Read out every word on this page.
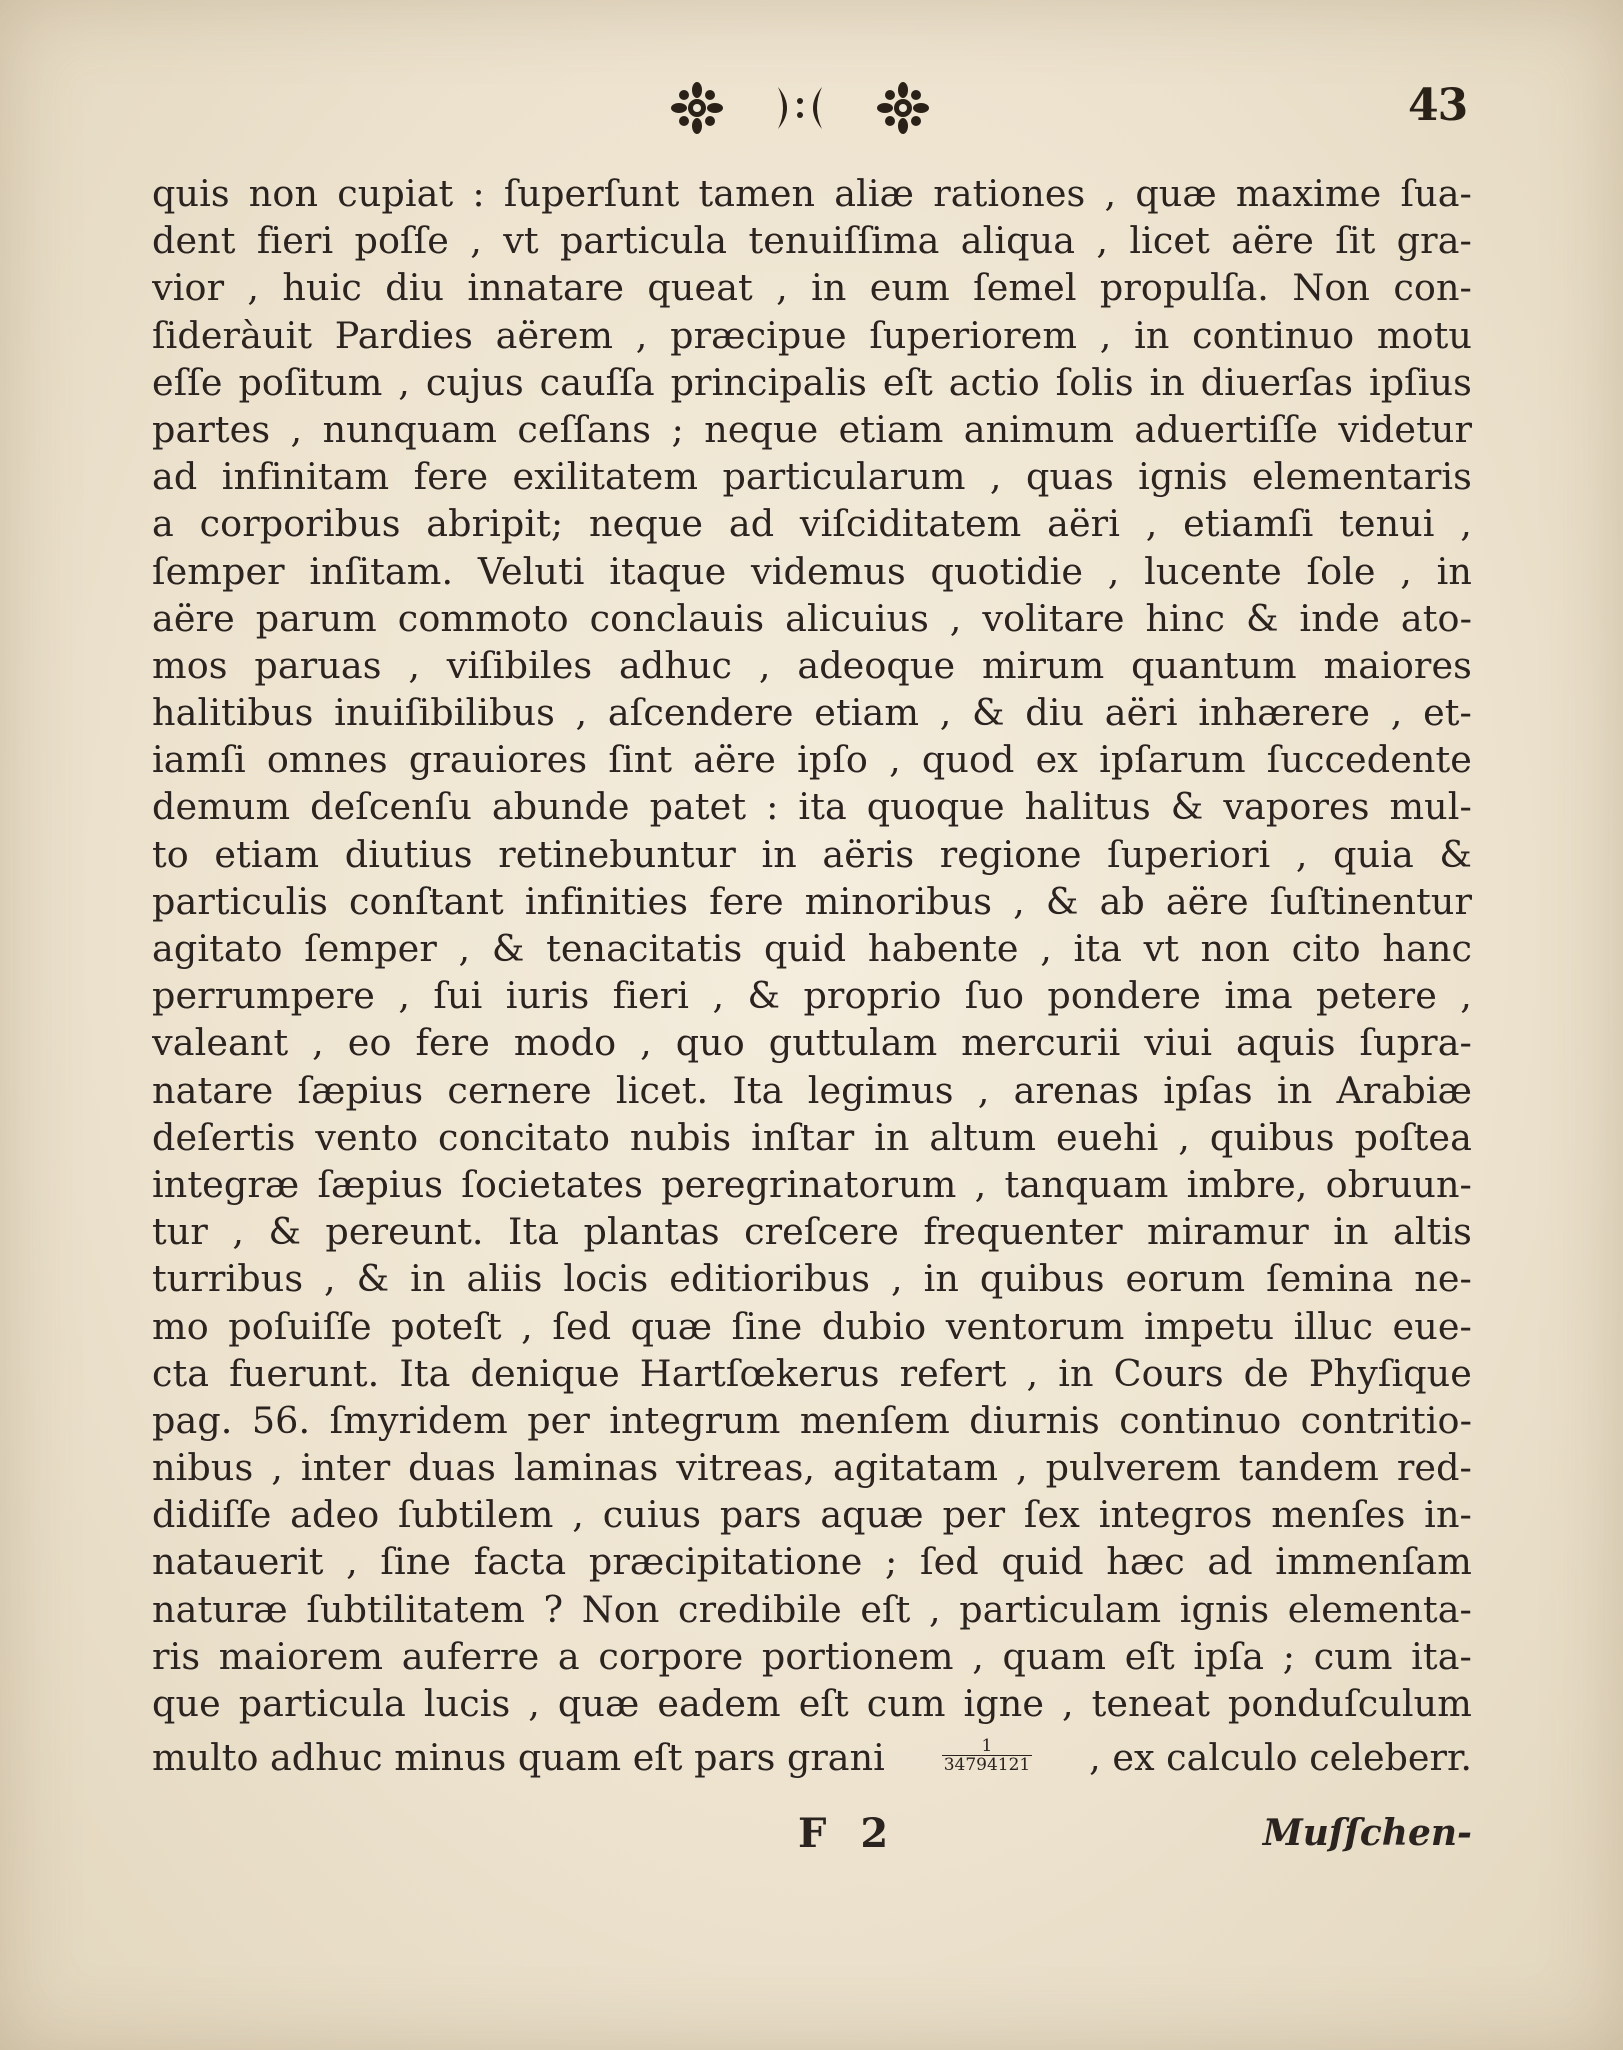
43
quis non cupiat : ſuperſunt tamen aliæ rationes , quæ maxime ſua-
dent fieri poſſe , vt particula tenuiſſima aliqua , licet aëre ſit gra-
vior , huic diu innatare queat , in eum ſemel propulſa. Non con-
ſideràuit Pardies aërem , præcipue ſuperiorem , in continuo motu
eſſe poſitum , cujus cauſſa principalis eſt actio ſolis in diuerſas ipſius
partes , nunquam ceſſans ; neque etiam animum aduertiſſe videtur
ad infinitam fere exilitatem particularum , quas ignis elementaris
a corporibus abripit; neque ad viſciditatem aëri , etiamſi tenui ,
ſemper inſitam. Veluti itaque videmus quotidie , lucente ſole , in
aëre parum commoto conclauis alicuius , volitare hinc & inde ato-
mos paruas , viſibiles adhuc , adeoque mirum quantum maiores
halitibus inuiſibilibus , aſcendere etiam , & diu aëri inhærere , et-
iamſi omnes grauiores ſint aëre ipſo , quod ex ipſarum ſuccedente
demum deſcenſu abunde patet : ita quoque halitus & vapores mul-
to etiam diutius retinebuntur in aëris regione ſuperiori , quia &
particulis conſtant infinities fere minoribus , & ab aëre ſuſtinentur
agitato ſemper , & tenacitatis quid habente , ita vt non cito hanc
perrumpere , ſui iuris fieri , & proprio ſuo pondere ima petere ,
valeant , eo fere modo , quo guttulam mercurii viui aquis ſupra-
natare ſæpius cernere licet. Ita legimus , arenas ipſas in Arabiæ
deſertis vento concitato nubis inſtar in altum euehi , quibus poſtea
integræ ſæpius ſocietates peregrinatorum , tanquam imbre, obruun-
tur , & pereunt. Ita plantas creſcere frequenter miramur in altis
turribus , & in aliis locis editioribus , in quibus eorum ſemina ne-
mo poſuiſſe poteſt , ſed quæ ſine dubio ventorum impetu illuc eue-
cta fuerunt. Ita denique Hartſœkerus refert , in Cours de Phyſique
pag. 56. ſmyridem per integrum menſem diurnis continuo contritio-
nibus , inter duas laminas vitreas, agitatam , pulverem tandem red-
didiſſe adeo ſubtilem , cuius pars aquæ per ſex integros menſes in-
natauerit , ſine facta præcipitatione ; ſed quid hæc ad immenſam
naturæ ſubtilitatem ? Non credibile eſt , particulam ignis elementa-
ris maiorem auferre a corpore portionem , quam eſt ipſa ; cum ita-
que particula lucis , quæ eadem eſt cum igne , teneat ponduſculum
multo adhuc minus quam eſt pars grani	$\frac{1}{34794121}$ , ex calculo celeberr.
F 2	Muſſchen-
